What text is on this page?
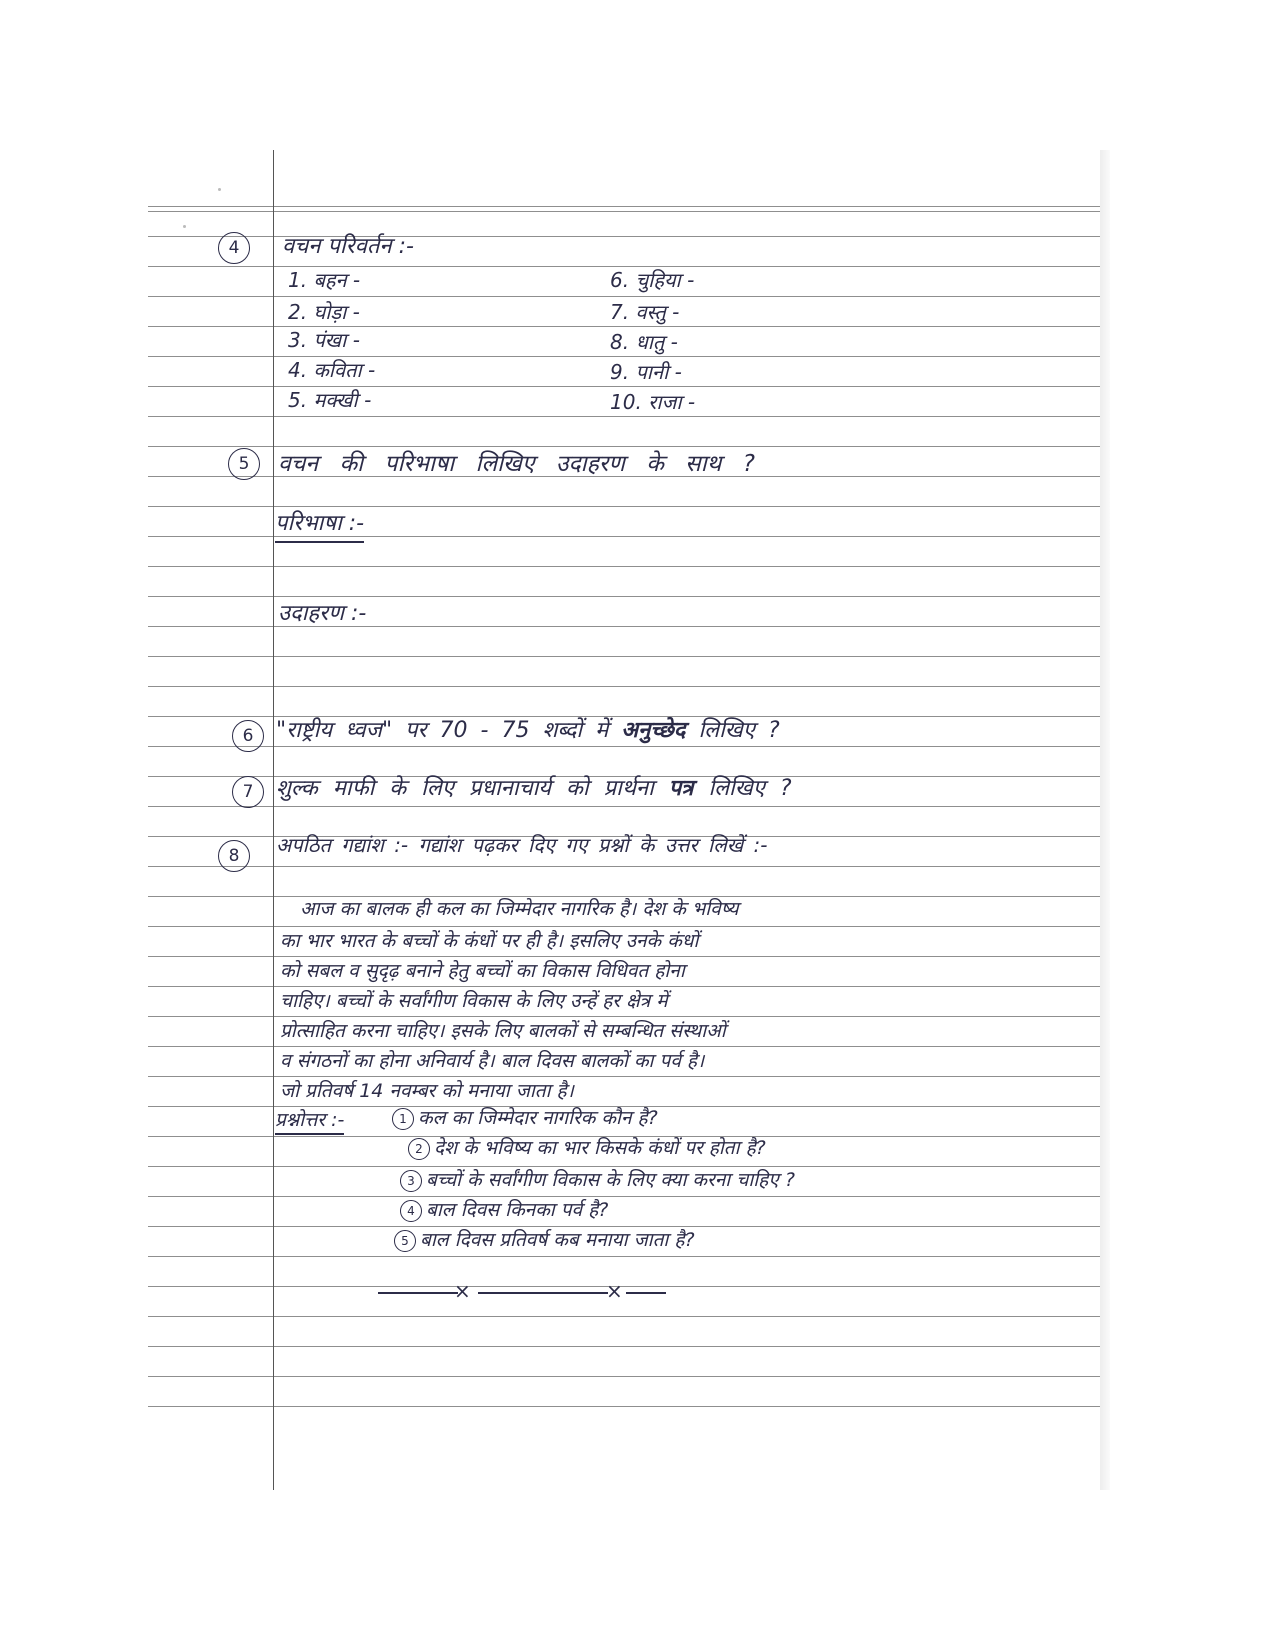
4	वचन परिवर्तन :-
1. बहन -
2. घोड़ा -
3. पंखा -
4. कविता -
5. मक्खी -
6. चुहिया -
7. वस्तु -
8. धातु -
9. पानी -
10. राजा -
5	वचन की परिभाषा लिखिए उदाहरण के साथ ?
परिभाषा :-
उदाहरण :-
6	"राष्ट्रीय ध्वज" पर 70 - 75 शब्दों में अनुच्छेद लिखिए ?
7	शुल्क माफी के लिए प्रधानाचार्य को प्रार्थना पत्र लिखिए ?
8	अपठित गद्यांश :- गद्यांश पढ़कर दिए गए प्रश्नों के उत्तर लिखें :-
आज का बालक ही कल का जिम्मेदार नागरिक है। देश के भविष्य
का भार भारत के बच्चों के कंधों पर ही है। इसलिए उनके कंधों
को सबल व सुदृढ़ बनाने हेतु बच्चों का विकास विधिवत होना
चाहिए। बच्चों के सर्वांगीण विकास के लिए उन्हें हर क्षेत्र में
प्रोत्साहित करना चाहिए। इसके लिए बालकों से सम्बन्धित संस्थाओं
व संगठनों का होना अनिवार्य है। बाल दिवस बालकों का पर्व है।
जो प्रतिवर्ष 14 नवम्बर को मनाया जाता है।
प्रश्नोत्तर :-	1 कल का जिम्मेदार नागरिक कौन है?
2 देश के भविष्य का भार किसके कंधों पर होता है?
3 बच्चों के सर्वांगीण विकास के लिए क्या करना चाहिए ?
4 बाल दिवस किनका पर्व है?
5 बाल दिवस प्रतिवर्ष कब मनाया जाता है?
×	×
